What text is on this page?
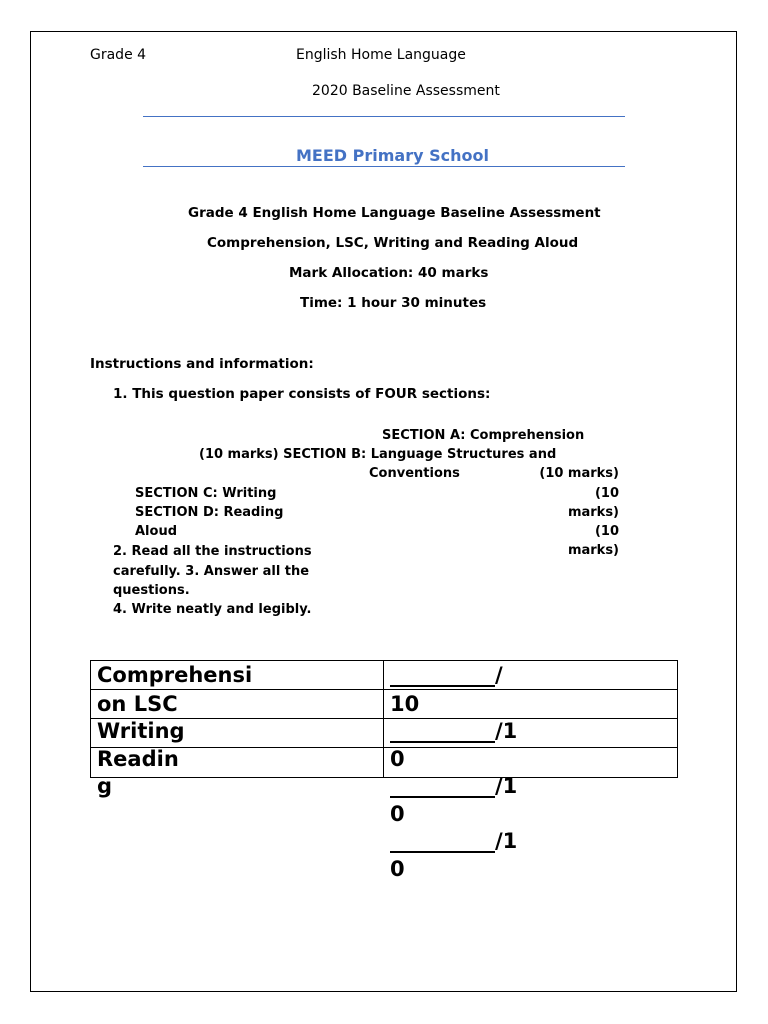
Grade 4	English Home Language
2020 Baseline Assessment
MEED Primary School
Grade 4 English Home Language Baseline Assessment
Comprehension, LSC, Writing and Reading Aloud
Mark Allocation: 40 marks
Time: 1 hour 30 minutes
Instructions and information:
1. This question paper consists of FOUR sections:
SECTION A: Comprehension
(10 marks) SECTION B: Language Structures and
Conventions	(10 marks)
SECTION C: Writing
SECTION D: Reading
Aloud
(10
marks)
(10
marks)
2. Read all the instructions
carefully. 3. Answer all the
questions.
4. Write neatly and legibly.
Comprehensi
on LSC
Writing
Readin
g
__________/
10
__________/1
0
__________/1
0
__________/1
0
